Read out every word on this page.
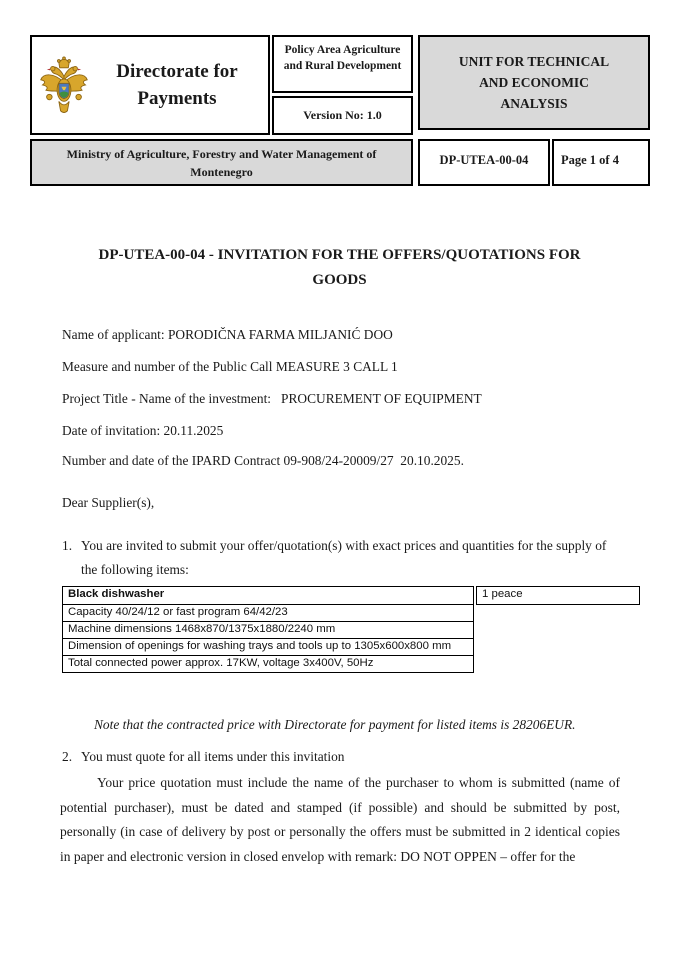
Directorate for Payments
Policy Area Agriculture and Rural Development
Version No: 1.0
UNIT FOR TECHNICAL AND ECONOMIC ANALYSIS
Ministry of Agriculture, Forestry and Water Management of Montenegro
DP-UTEA-00-04	Page 1 of 4
DP-UTEA-00-04 - INVITATION FOR THE OFFERS/QUOTATIONS FOR
GOODS
Name of applicant: PORODIČNA FARMA MILJANIĆ DOO
Measure and number of the Public Call MEASURE 3 CALL 1
Project Title - Name of the investment:   PROCUREMENT OF EQUIPMENT
Date of invitation: 20.11.2025
Number and date of the IPARD Contract 09-908/24-20009/27  20.10.2025.
Dear Supplier(s),
1. You are invited to submit your offer/quotation(s) with exact prices and quantities for the supply of the following items:
Black dishwasher	1 peace
Capacity 40/24/12 or fast program 64/42/23
Machine dimensions 1468x870/1375x1880/2240 mm
Dimension of openings for washing trays and tools up to 1305x600x800 mm
Total connected power approx. 17KW, voltage 3x400V, 50Hz
Note that the contracted price with Directorate for payment for listed items is 28206EUR.
2. You must quote for all items under this invitation
Your price quotation must include the name of the purchaser to whom is submitted (name of potential purchaser), must be dated and stamped (if possible) and should be submitted by post, personally (in case of delivery by post or personally the offers must be submitted in 2 identical copies in paper and electronic version in closed envelop with remark: DO NOT OPPEN – offer for the
